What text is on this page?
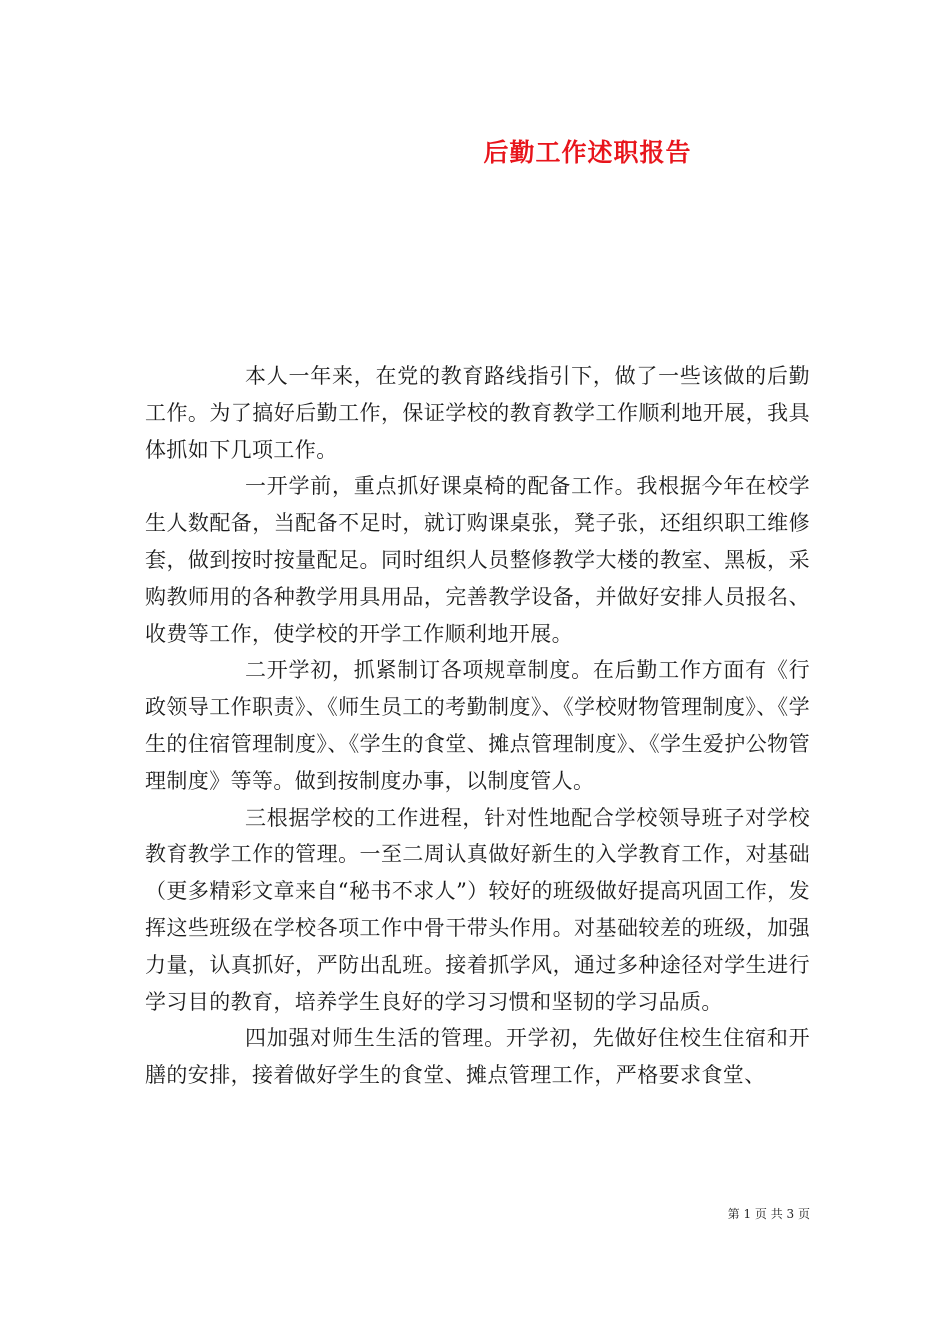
后勤工作述职报告

本人一年来，在党的教育路线指引下，做了一些该做的后勤工作。为了搞好后勤工作，保证学校的教育教学工作顺利地开展，我具体抓如下几项工作。

一开学前，重点抓好课桌椅的配备工作。我根据今年在校学生人数配备，当配备不足时，就订购课桌张，凳子张，还组织职工维修套，做到按时按量配足。同时组织人员整修教学大楼的教室、黑板，采购教师用的各种教学用具用品，完善教学设备，并做好安排人员报名、收费等工作，使学校的开学工作顺利地开展。

二开学初，抓紧制订各项规章制度。在后勤工作方面有《行政领导工作职责》、《师生员工的考勤制度》、《学校财物管理制度》、《学生的住宿管理制度》、《学生的食堂、摊点管理制度》、《学生爱护公物管理制度》等等。做到按制度办事，以制度管人。

三根据学校的工作进程，针对性地配合学校领导班子对学校教育教学工作的管理。一至二周认真做好新生的入学教育工作，对基础（更多精彩文章来自“秘书不求人”）较好的班级做好提高巩固工作，发挥这些班级在学校各项工作中骨干带头作用。对基础较差的班级，加强力量，认真抓好，严防出乱班。接着抓学风，通过多种途径对学生进行学习目的教育，培养学生良好的学习习惯和坚韧的学习品质。

四加强对师生生活的管理。开学初，先做好住校生住宿和开膳的安排，接着做好学生的食堂、摊点管理工作，严格要求食堂、

第 1 页 共 3 页
